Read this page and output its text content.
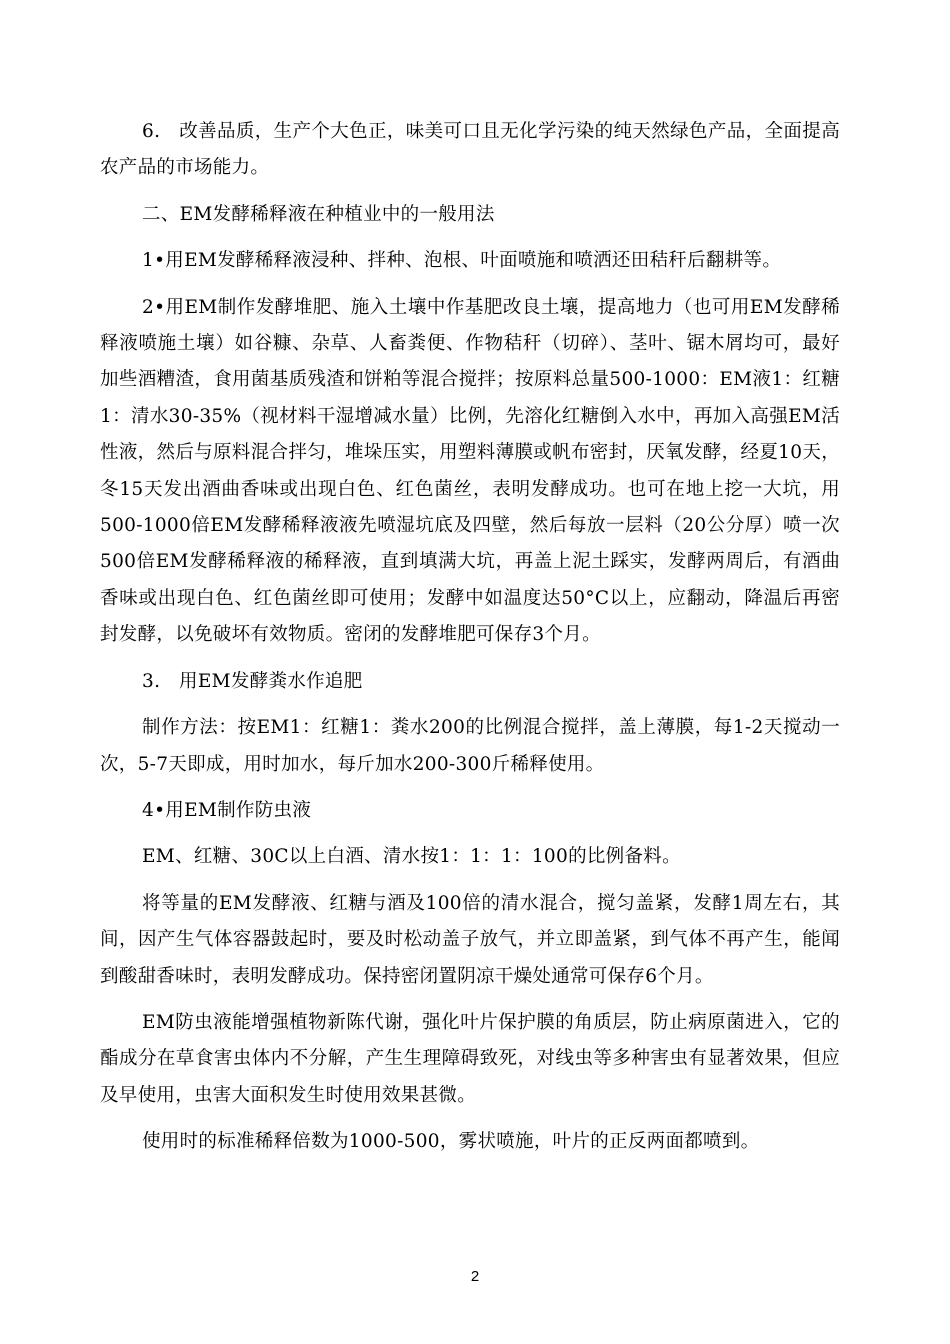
6.　改善品质，生产个大色正，味美可口且无化学污染的纯天然绿色产品，全面提高农产品的市场能力。

二、EM发酵稀释液在种植业中的一般用法

1•用EM发酵稀释液浸种、拌种、泡根、叶面喷施和喷洒还田秸秆后翻耕等。

2•用EM制作发酵堆肥、施入土壤中作基肥改良土壤，提高地力（也可用EM发酵稀释液喷施土壤）如谷糠、杂草、人畜粪便、作物秸秆（切碎）、茎叶、锯木屑均可，最好加些酒糟渣，食用菌基质残渣和饼粕等混合搅拌；按原料总量500-1000：EM液1：红糖1：清水30-35%（视材料干湿增减水量）比例，先溶化红糖倒入水中，再加入高强EM活性液，然后与原料混合拌匀，堆垛压实，用塑料薄膜或帆布密封，厌氧发酵，经夏10天，冬15天发出酒曲香味或出现白色、红色菌丝，表明发酵成功。也可在地上挖一大坑，用500-1000倍EM发酵稀释液液先喷湿坑底及四壁，然后每放一层料（20公分厚）喷一次500倍EM发酵稀释液的稀释液，直到填满大坑，再盖上泥土踩实，发酵两周后，有酒曲香味或出现白色、红色菌丝即可使用；发酵中如温度达50°C以上，应翻动，降温后再密封发酵，以免破坏有效物质。密闭的发酵堆肥可保存3个月。

3.　用EM发酵粪水作追肥

制作方法：按EM1：红糖1：粪水200的比例混合搅拌，盖上薄膜，每1-2天搅动一次，5-7天即成，用时加水，每斤加水200-300斤稀释使用。

4•用EM制作防虫液

EM、红糖、30C以上白酒、清水按1：1：1：100的比例备料。

将等量的EM发酵液、红糖与酒及100倍的清水混合，搅匀盖紧，发酵1周左右，其间，因产生气体容器鼓起时，要及时松动盖子放气，并立即盖紧，到气体不再产生，能闻到酸甜香味时，表明发酵成功。保持密闭置阴凉干燥处通常可保存6个月。

EM防虫液能增强植物新陈代谢，强化叶片保护膜的角质层，防止病原菌进入，它的酯成分在草食害虫体内不分解，产生生理障碍致死，对线虫等多种害虫有显著效果，但应及早使用，虫害大面积发生时使用效果甚微。

使用时的标准稀释倍数为1000-500，雾状喷施，叶片的正反两面都喷到。

2
